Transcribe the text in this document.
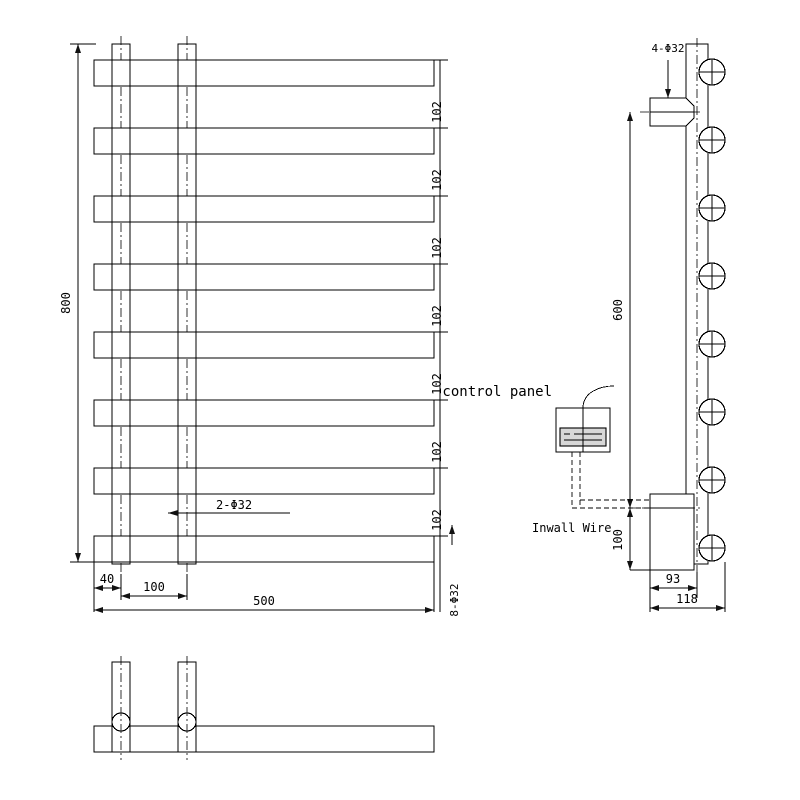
800
102
102
102
102
102
102
102
2-Φ32
40
100
500	8-Φ32
4-Φ32
600
100
93
118
control panel
Inwall Wire
